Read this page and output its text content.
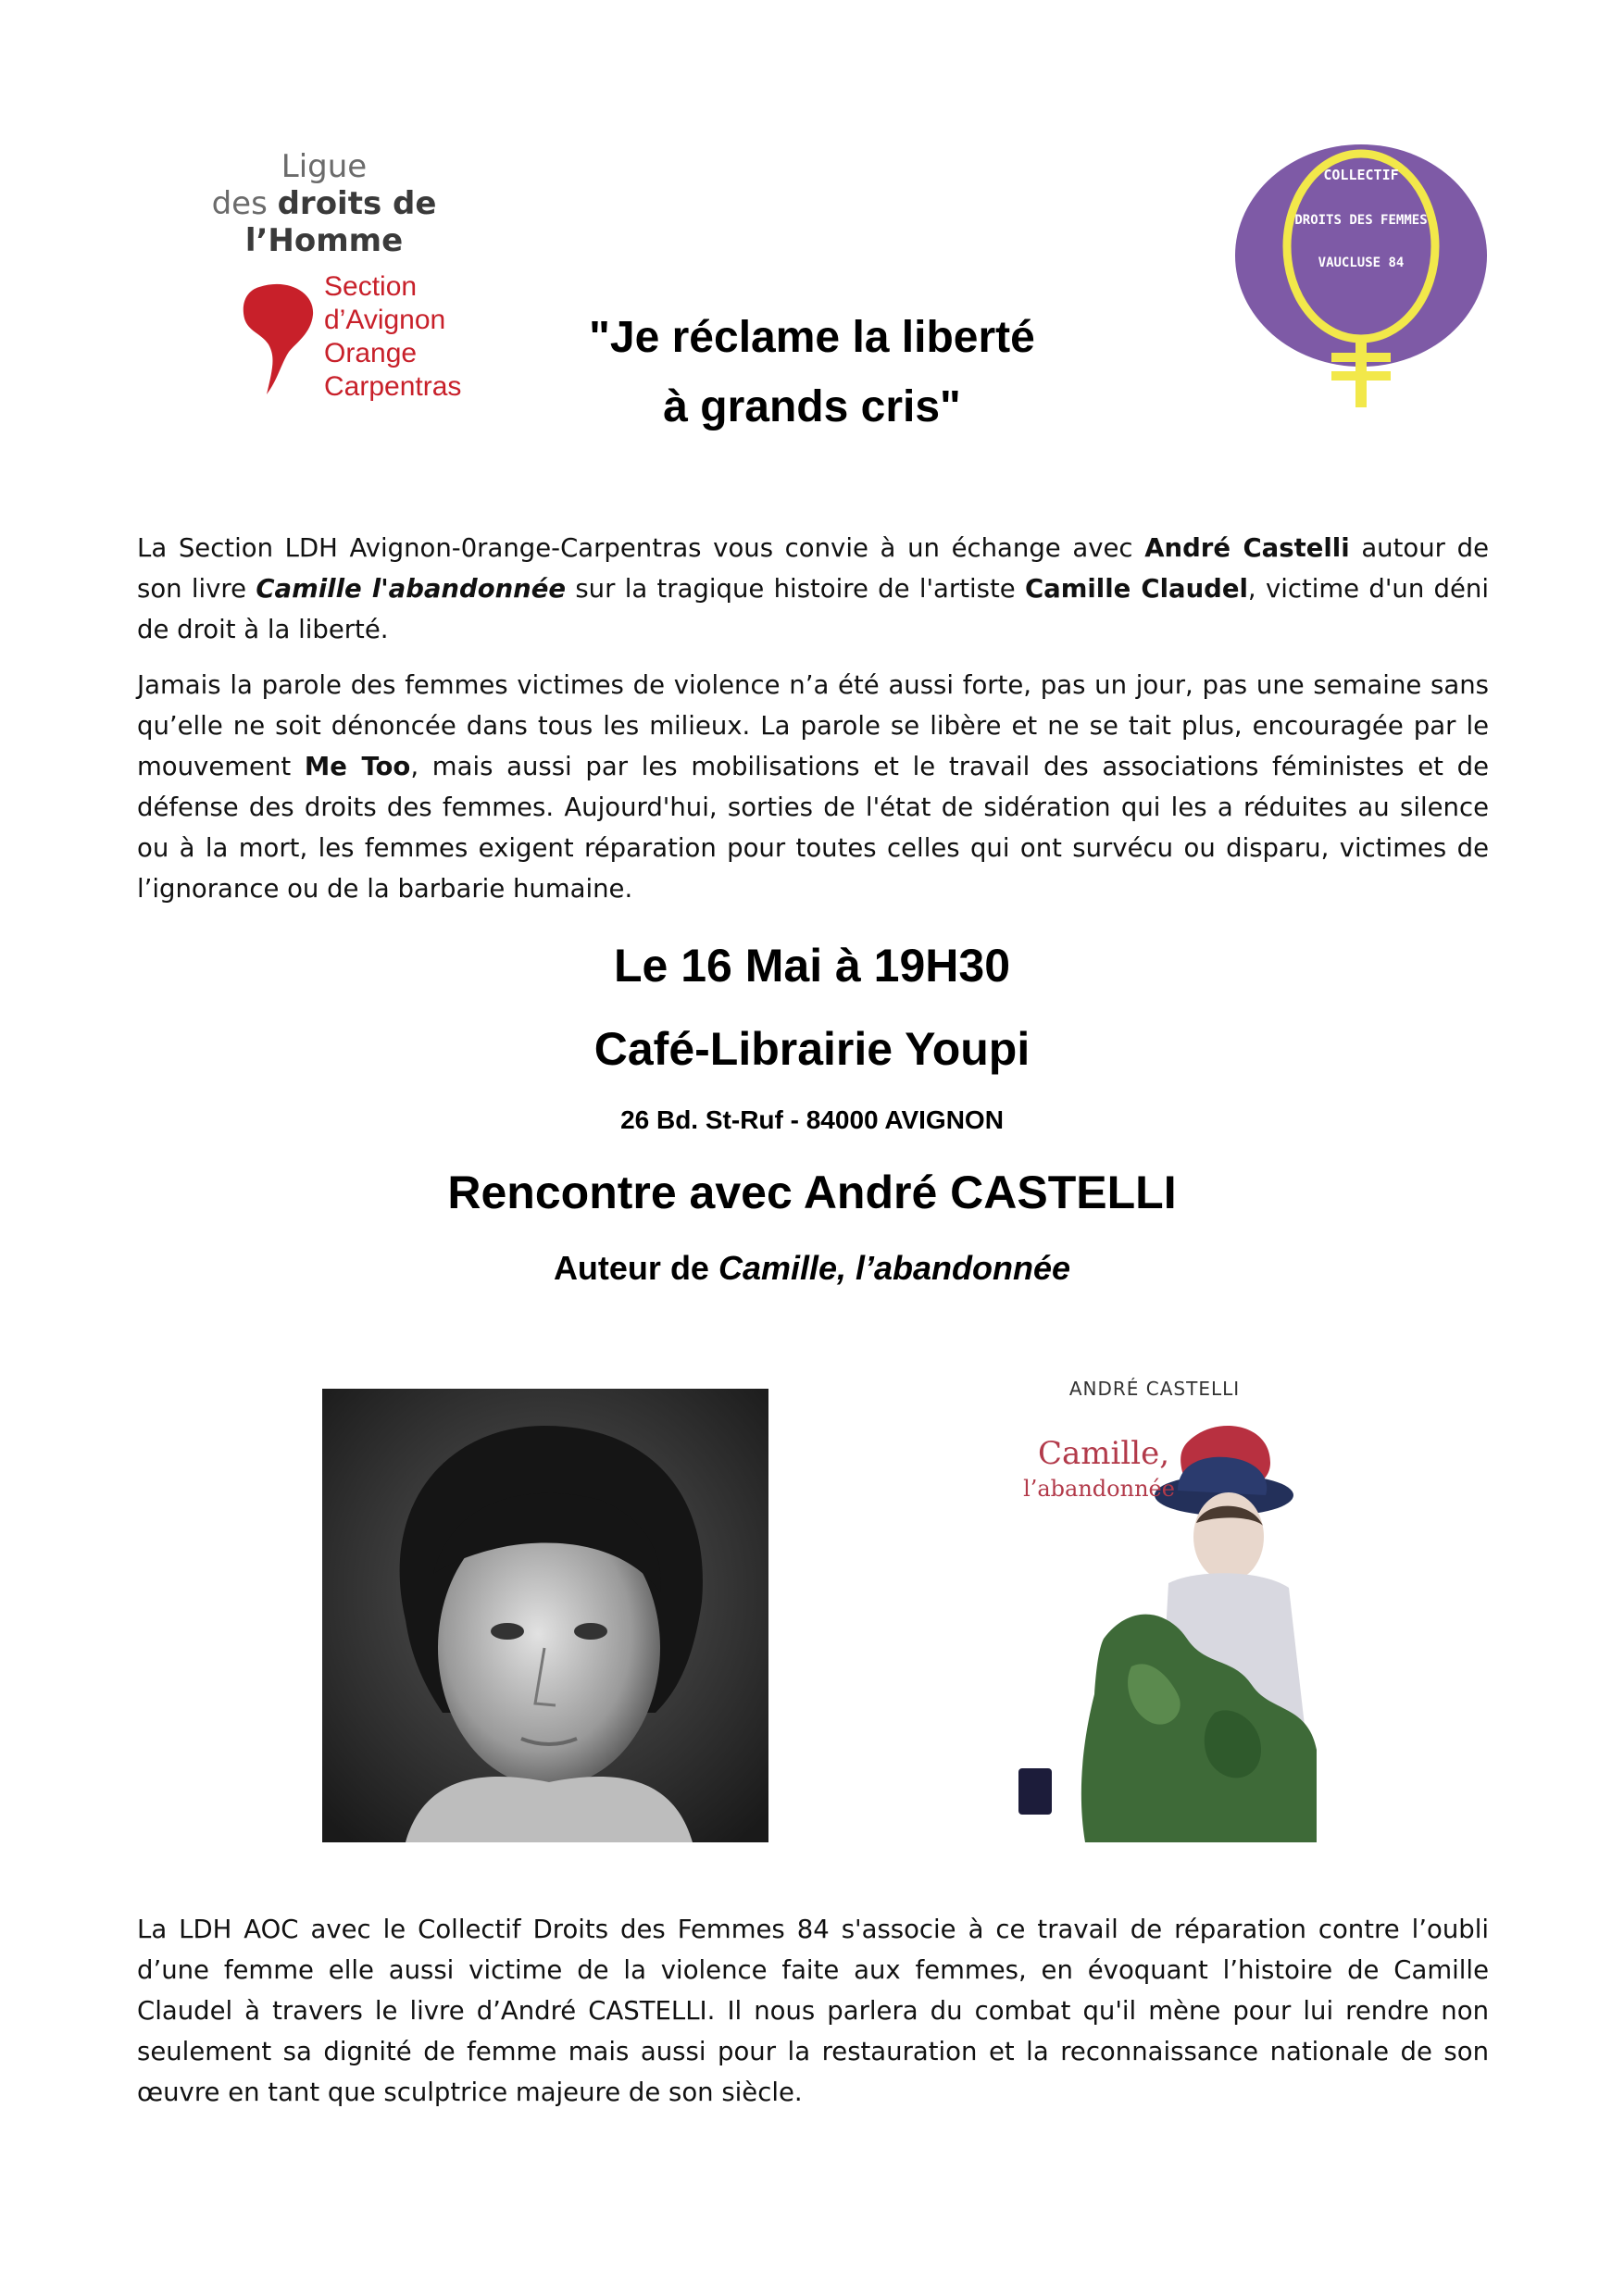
Ligue
des droits de
l’Homme
Section
d’Avignon
Orange
Carpentras
COLLECTIF
DROITS DES FEMMES
VAUCLUSE 84
"Je réclame la liberté
à grands cris"

La Section LDH Avignon-0range-Carpentras vous convie à un échange avec André Castelli autour de son livre Camille l'abandonnée sur la tragique histoire de l'artiste Camille Claudel, victime d'un déni de droit à la liberté.

Jamais la parole des femmes victimes de violence n’a été aussi forte, pas un jour, pas une semaine sans qu’elle ne soit dénoncée dans tous les milieux. La parole se libère et ne se tait plus, encouragée par le mouvement Me Too, mais aussi par les mobilisations et le travail des associations féministes et de défense des droits des femmes. Aujourd'hui, sorties de l'état de sidération qui les a réduites au silence ou à la mort, les femmes exigent réparation pour toutes celles qui ont survécu ou disparu, victimes de l’ignorance ou de la barbarie humaine.

Le 16 Mai à 19H30
Café-Librairie Youpi
26 Bd. St-Ruf - 84000 AVIGNON
Rencontre avec André CASTELLI
Auteur de Camille, l’abandonnée
ANDRÉ CASTELLI
Camille,
l’abandonnée

La LDH AOC avec le Collectif Droits des Femmes 84 s'associe à ce travail de réparation contre l’oubli d’une femme elle aussi victime de la violence faite aux femmes, en évoquant l’histoire de Camille Claudel à travers le livre d’André CASTELLI. Il nous parlera du combat qu'il mène pour lui rendre non seulement sa dignité de femme mais aussi pour la restauration et la reconnaissance nationale de son œuvre en tant que sculptrice majeure de son siècle.
